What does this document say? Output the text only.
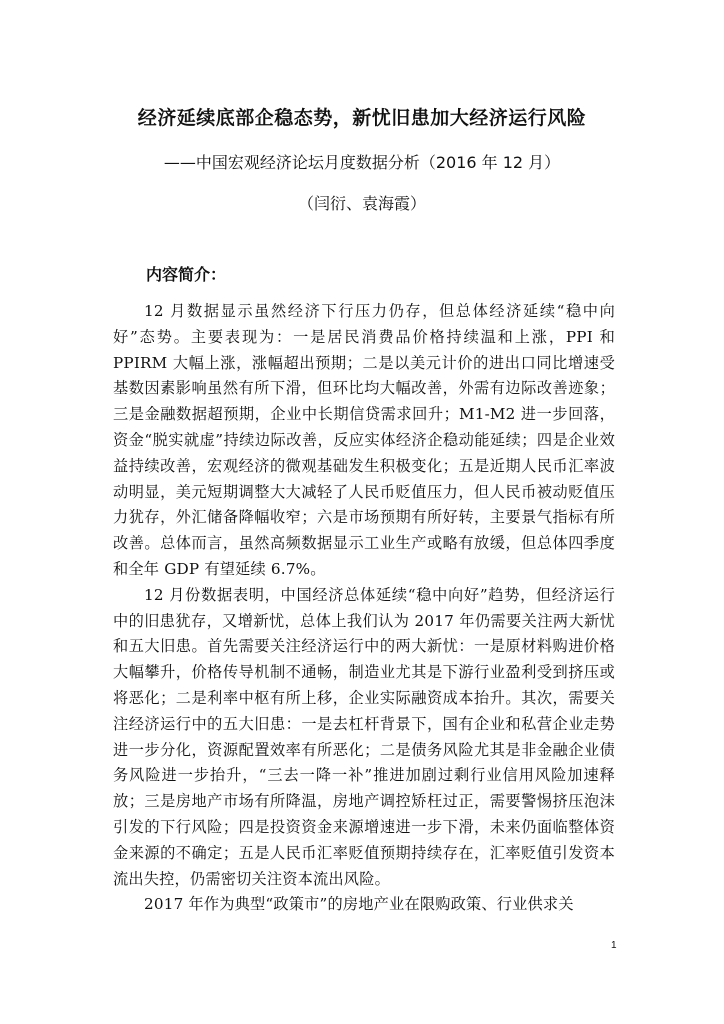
经济延续底部企稳态势，新忧旧患加大经济运行风险
——中国宏观经济论坛月度数据分析（2016 年 12 月）
（闫衍、袁海霞）
内容简介：

12 月数据显示虽然经济下行压力仍存，但总体经济延续“稳中向好”态势。主要表现为：一是居民消费品价格持续温和上涨，PPI 和 PPIRM 大幅上涨，涨幅超出预期；二是以美元计价的进出口同比增速受基数因素影响虽然有所下滑，但环比均大幅改善，外需有边际改善迹象；三是金融数据超预期，企业中长期信贷需求回升；M1-M2 进一步回落，资金“脱实就虚”持续边际改善，反应实体经济企稳动能延续；四是企业效益持续改善，宏观经济的微观基础发生积极变化；五是近期人民币汇率波动明显，美元短期调整大大减轻了人民币贬值压力，但人民币被动贬值压力犹存，外汇储备降幅收窄；六是市场预期有所好转，主要景气指标有所改善。总体而言，虽然高频数据显示工业生产或略有放缓，但总体四季度和全年 GDP 有望延续 6.7%。

12 月份数据表明，中国经济总体延续“稳中向好”趋势，但经济运行中的旧患犹存，又增新忧，总体上我们认为 2017 年仍需要关注两大新忧和五大旧患。首先需要关注经济运行中的两大新忧：一是原材料购进价格大幅攀升，价格传导机制不通畅，制造业尤其是下游行业盈利受到挤压或将恶化；二是利率中枢有所上移，企业实际融资成本抬升。其次，需要关注经济运行中的五大旧患：一是去杠杆背景下，国有企业和私营企业走势进一步分化，资源配置效率有所恶化；二是债务风险尤其是非金融企业债务风险进一步抬升，“三去一降一补”推进加剧过剩行业信用风险加速释放；三是房地产市场有所降温，房地产调控矫枉过正，需要警惕挤压泡沫引发的下行风险；四是投资资金来源增速进一步下滑，未来仍面临整体资金来源的不确定；五是人民币汇率贬值预期持续存在，汇率贬值引发资本流出失控，仍需密切关注资本流出风险。

2017 年作为典型“政策市”的房地产业在限购政策、行业供求关

1
